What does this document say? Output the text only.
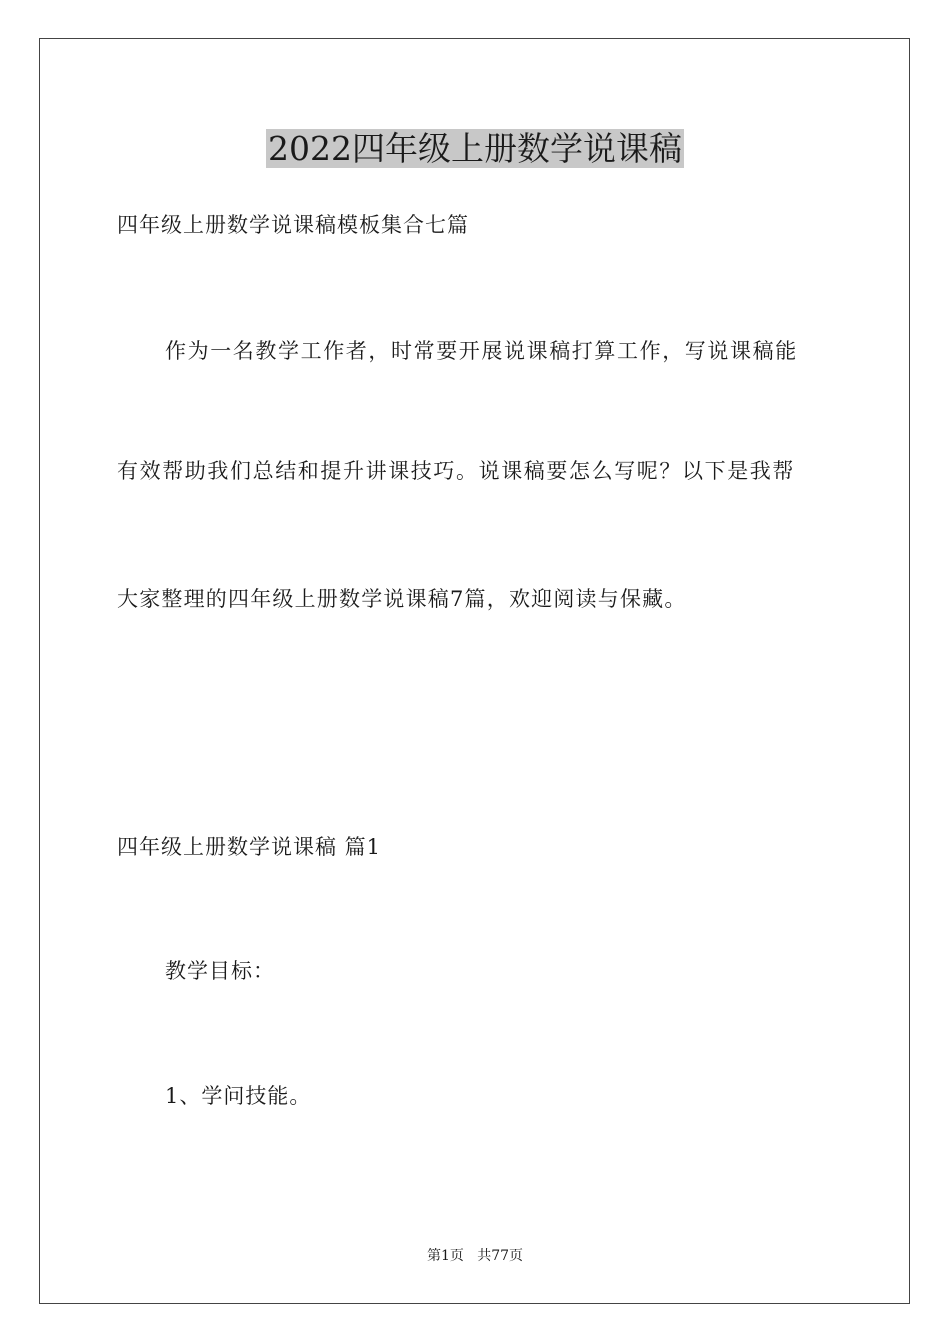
2022四年级上册数学说课稿
四年级上册数学说课稿模板集合七篇
作为一名教学工作者，时常要开展说课稿打算工作，写说课稿能
有效帮助我们总结和提升讲课技巧。说课稿要怎么写呢？以下是我帮
大家整理的四年级上册数学说课稿7篇，欢迎阅读与保藏。
四年级上册数学说课稿 篇1
教学目标：
1、学问技能。
第1页   共77页
